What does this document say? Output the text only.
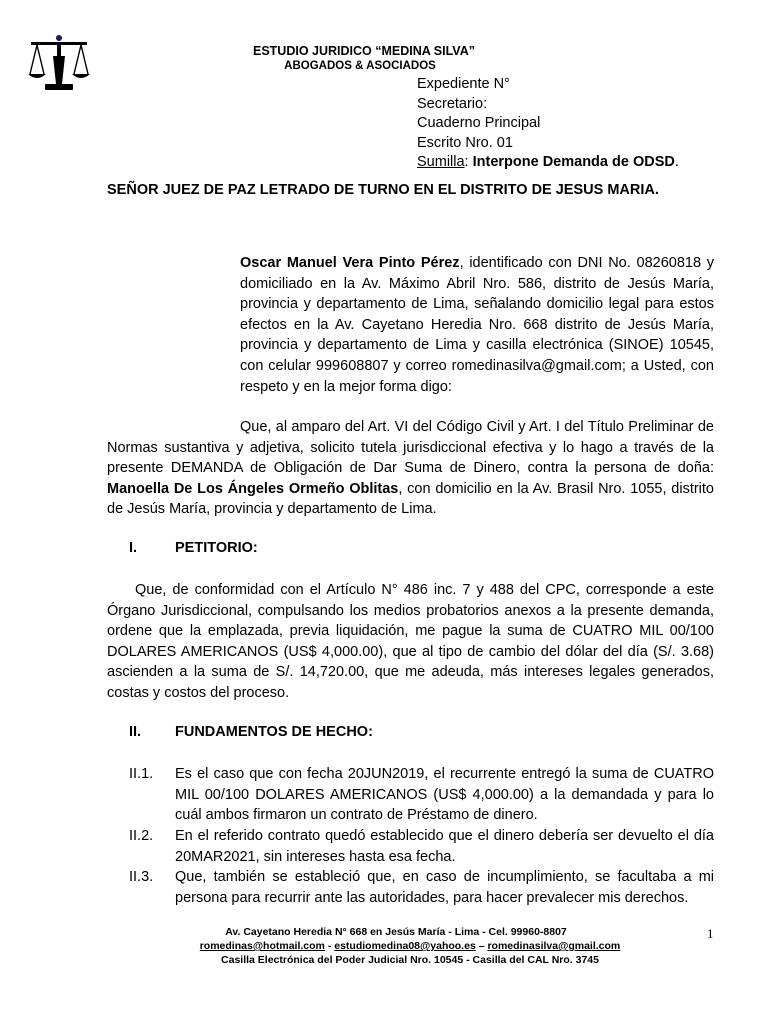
ESTUDIO JURIDICO “MEDINA SILVA”
ABOGADOS & ASOCIADOS
Expediente N°
Secretario:
Cuaderno Principal
Escrito Nro. 01
Sumilla: Interpone Demanda de ODSD.
SEÑOR JUEZ DE PAZ LETRADO DE TURNO EN EL DISTRITO DE JESUS MARIA.
Oscar Manuel Vera Pinto Pérez, identificado con DNI No. 08260818 y domiciliado en la Av. Máximo Abril Nro. 586, distrito de Jesús María, provincia y departamento de Lima, señalando domicilio legal para estos efectos en la Av. Cayetano Heredia Nro. 668 distrito de Jesús María, provincia y departamento de Lima y casilla electrónica (SINOE) 10545, con celular 999608807 y correo romedinasilva@gmail.com; a Usted, con respeto y en la mejor forma digo:
Que, al amparo del Art. VI del Código Civil y Art. I del Título Preliminar de Normas sustantiva y adjetiva, solicito tutela jurisdiccional efectiva y lo hago a través de la presente DEMANDA de Obligación de Dar Suma de Dinero, contra la persona de doña: Manoella De Los Ángeles Ormeño Oblitas, con domicilio en la Av. Brasil Nro. 1055, distrito de Jesús María, provincia y departamento de Lima.
I.	PETITORIO:
Que, de conformidad con el Artículo N° 486 inc. 7 y 488 del CPC, corresponde a este Órgano Jurisdiccional, compulsando los medios probatorios anexos a la presente demanda, ordene que la emplazada, previa liquidación, me pague la suma de CUATRO MIL 00/100 DOLARES AMERICANOS (US$ 4,000.00), que al tipo de cambio del dólar del día (S/. 3.68) ascienden a la suma de S/. 14,720.00, que me adeuda, más intereses legales generados, costas y costos del proceso.
II. FUNDAMENTOS DE HECHO:
II.1. Es el caso que con fecha 20JUN2019, el recurrente entregó la suma de CUATRO MIL 00/100 DOLARES AMERICANOS (US$ 4,000.00) a la demandada y para lo cuál ambos firmaron un contrato de Préstamo de dinero.
II.2. En el referido contrato quedó establecido que el dinero debería ser devuelto el día 20MAR2021, sin intereses hasta esa fecha.
II.3. Que, también se estableció que, en caso de incumplimiento, se facultaba a mi persona para recurrir ante las autoridades, para hacer prevalecer mis derechos.
Av. Cayetano Heredia N° 668 en Jesús María - Lima - Cel. 99960-8807
romedinas@hotmail.com - estudiomedina08@yahoo.es – romedinasilva@gmail.com
Casilla Electrónica del Poder Judicial Nro. 10545 - Casilla del CAL Nro. 3745
1
